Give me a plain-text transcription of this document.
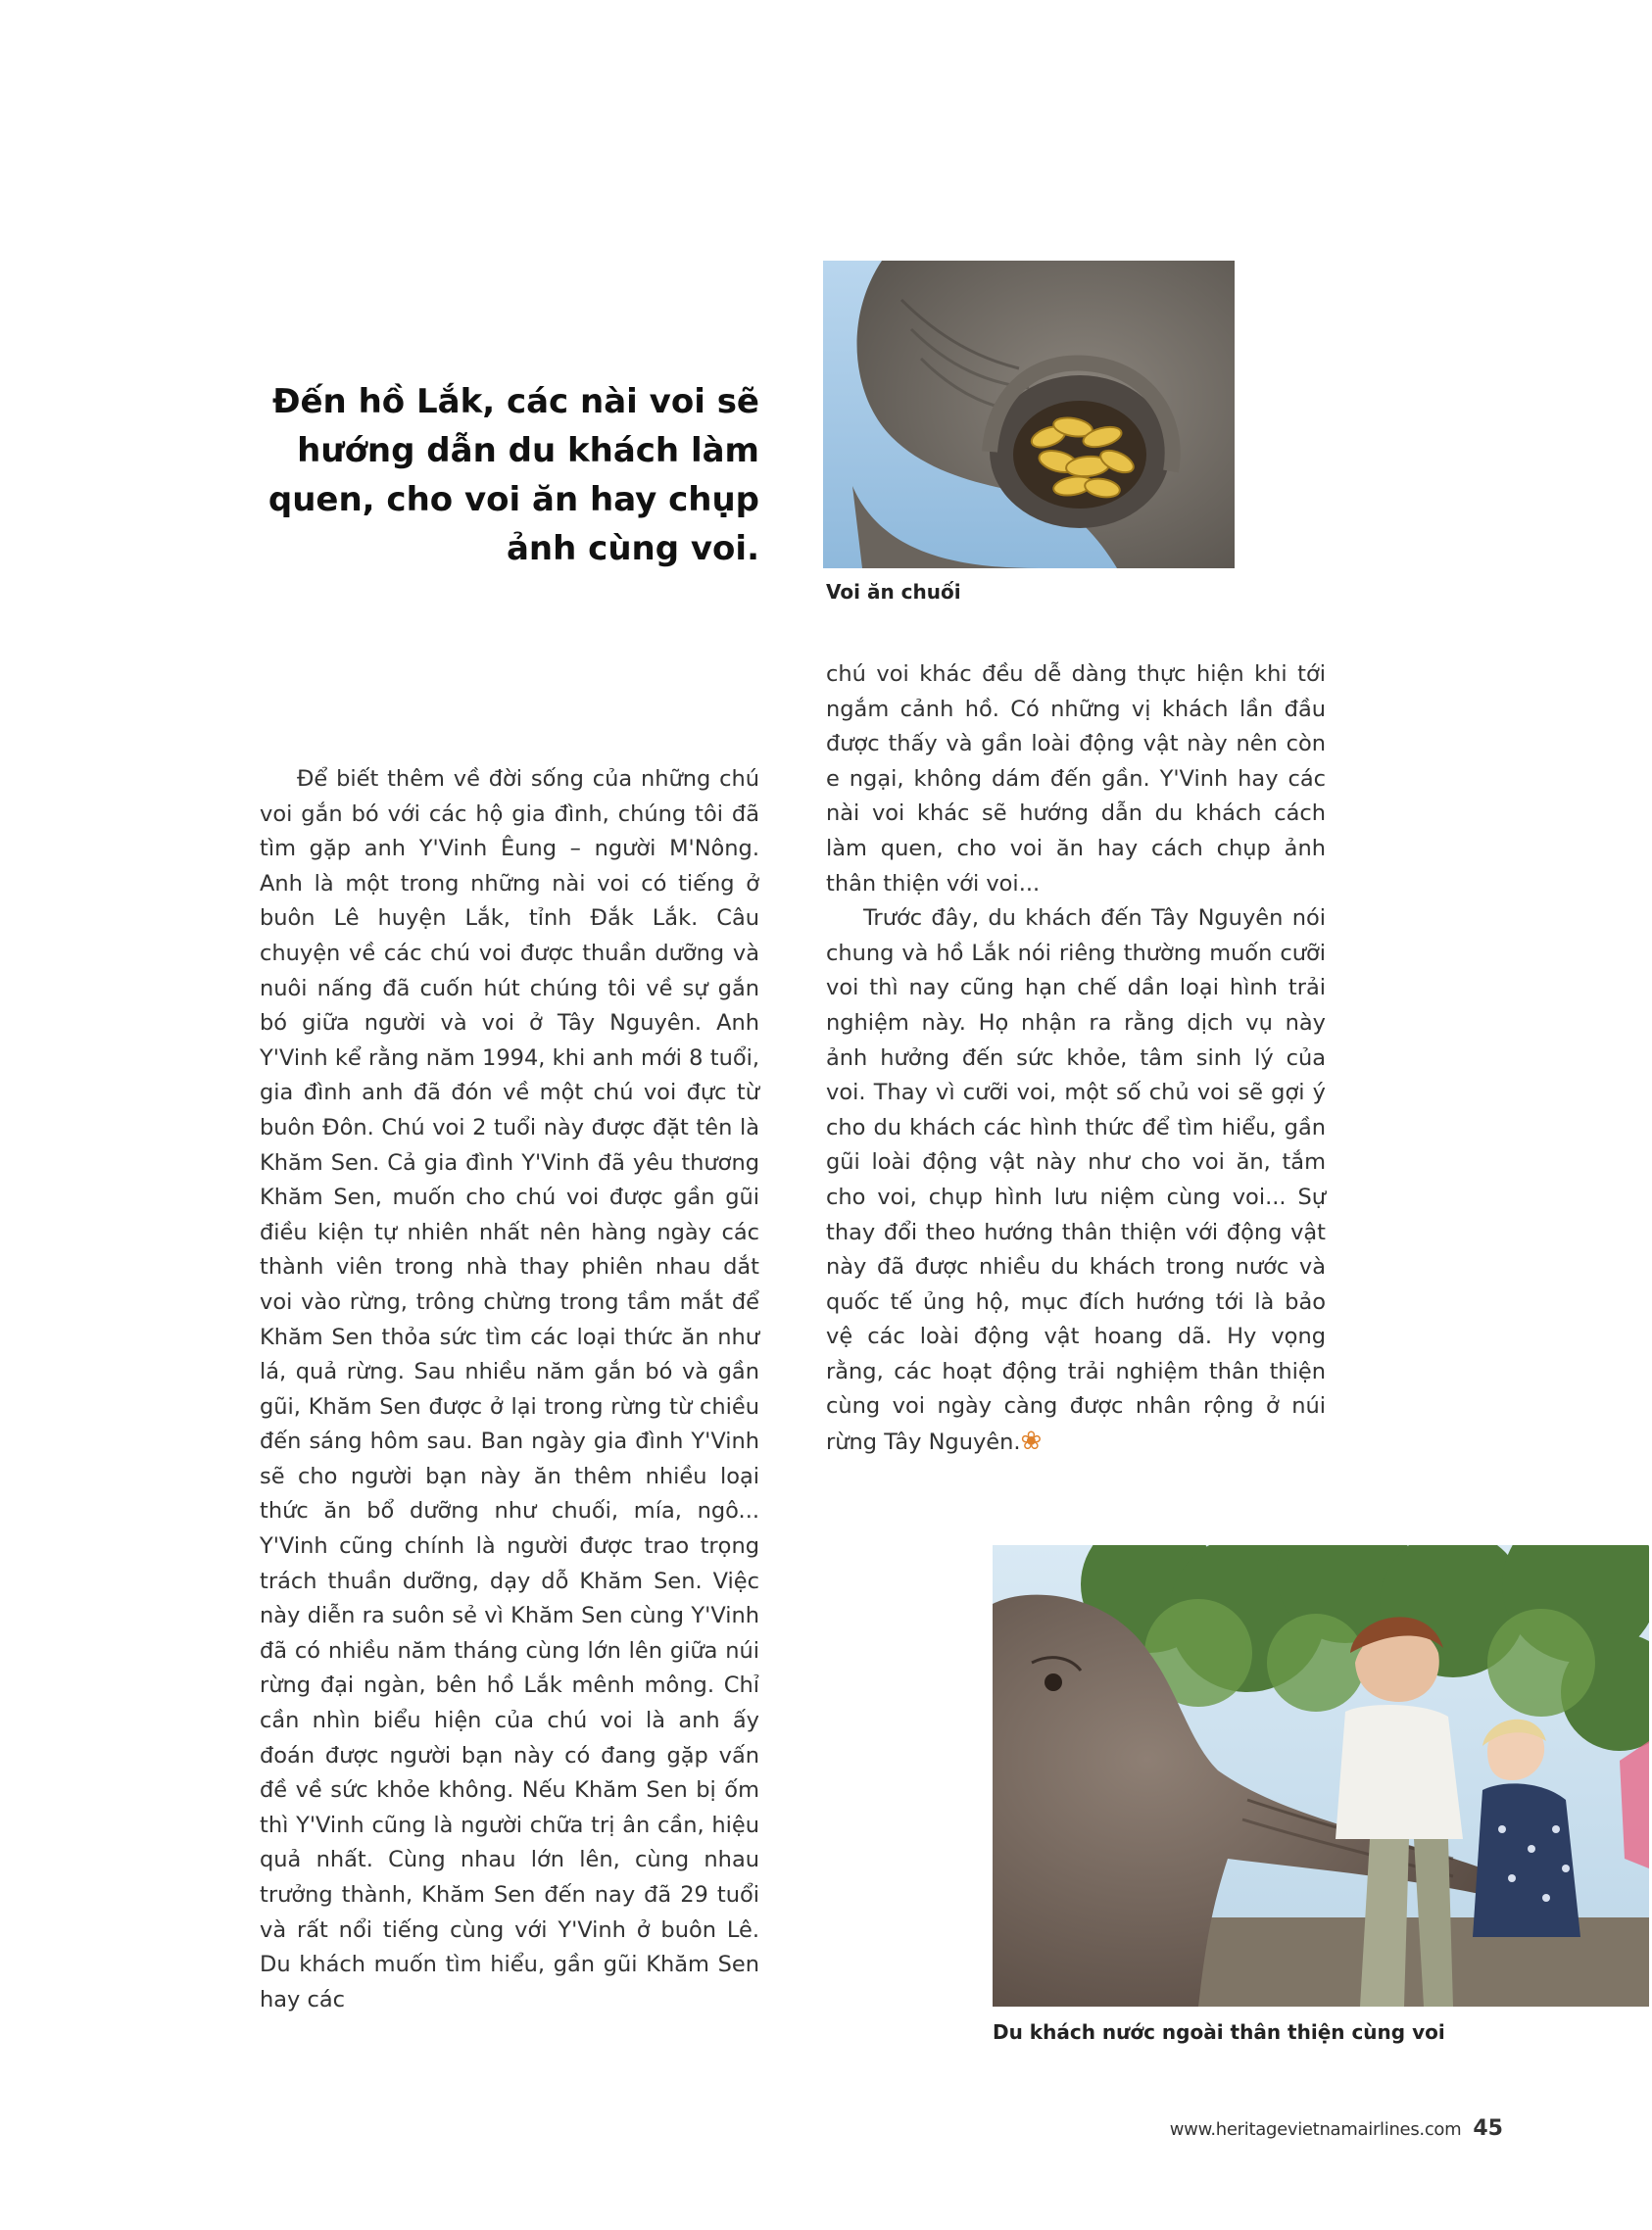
Đến hồ Lắk, các nài voi sẽ hướng dẫn du khách làm quen, cho voi ăn hay chụp ảnh cùng voi.

Voi ăn chuối

Để biết thêm về đời sống của những chú voi gắn bó với các hộ gia đình, chúng tôi đã tìm gặp anh Y'Vinh Êung – người M'Nông. Anh là một trong những nài voi có tiếng ở buôn Lê huyện Lắk, tỉnh Đắk Lắk. Câu chuyện về các chú voi được thuần dưỡng và nuôi nấng đã cuốn hút chúng tôi về sự gắn bó giữa người và voi ở Tây Nguyên. Anh Y'Vinh kể rằng năm 1994, khi anh mới 8 tuổi, gia đình anh đã đón về một chú voi đực từ buôn Đôn. Chú voi 2 tuổi này được đặt tên là Khăm Sen. Cả gia đình Y'Vinh đã yêu thương Khăm Sen, muốn cho chú voi được gần gũi điều kiện tự nhiên nhất nên hàng ngày các thành viên trong nhà thay phiên nhau dắt voi vào rừng, trông chừng trong tầm mắt để Khăm Sen thỏa sức tìm các loại thức ăn như lá, quả rừng. Sau nhiều năm gắn bó và gần gũi, Khăm Sen được ở lại trong rừng từ chiều đến sáng hôm sau. Ban ngày gia đình Y'Vinh sẽ cho người bạn này ăn thêm nhiều loại thức ăn bổ dưỡng như chuối, mía, ngô... Y'Vinh cũng chính là người được trao trọng trách thuần dưỡng, dạy dỗ Khăm Sen. Việc này diễn ra suôn sẻ vì Khăm Sen cùng Y'Vinh đã có nhiều năm tháng cùng lớn lên giữa núi rừng đại ngàn, bên hồ Lắk mênh mông. Chỉ cần nhìn biểu hiện của chú voi là anh ấy đoán được người bạn này có đang gặp vấn đề về sức khỏe không. Nếu Khăm Sen bị ốm thì Y'Vinh cũng là người chữa trị ân cần, hiệu quả nhất. Cùng nhau lớn lên, cùng nhau trưởng thành, Khăm Sen đến nay đã 29 tuổi và rất nổi tiếng cùng với Y'Vinh ở buôn Lê. Du khách muốn tìm hiểu, gần gũi Khăm Sen hay các

chú voi khác đều dễ dàng thực hiện khi tới ngắm cảnh hồ. Có những vị khách lần đầu được thấy và gần loài động vật này nên còn e ngại, không dám đến gần. Y'Vinh hay các nài voi khác sẽ hướng dẫn du khách cách làm quen, cho voi ăn hay cách chụp ảnh thân thiện với voi...

Trước đây, du khách đến Tây Nguyên nói chung và hồ Lắk nói riêng thường muốn cưỡi voi thì nay cũng hạn chế dần loại hình trải nghiệm này. Họ nhận ra rằng dịch vụ này ảnh hưởng đến sức khỏe, tâm sinh lý của voi. Thay vì cưỡi voi, một số chủ voi sẽ gợi ý cho du khách các hình thức để tìm hiểu, gần gũi loài động vật này như cho voi ăn, tắm cho voi, chụp hình lưu niệm cùng voi... Sự thay đổi theo hướng thân thiện với động vật này đã được nhiều du khách trong nước và quốc tế ủng hộ, mục đích hướng tới là bảo vệ các loài động vật hoang dã. Hy vọng rằng, các hoạt động trải nghiệm thân thiện cùng voi ngày càng được nhân rộng ở núi rừng Tây Nguyên.❀

Du khách nước ngoài thân thiện cùng voi

www.heritagevietnamairlines.com 45
